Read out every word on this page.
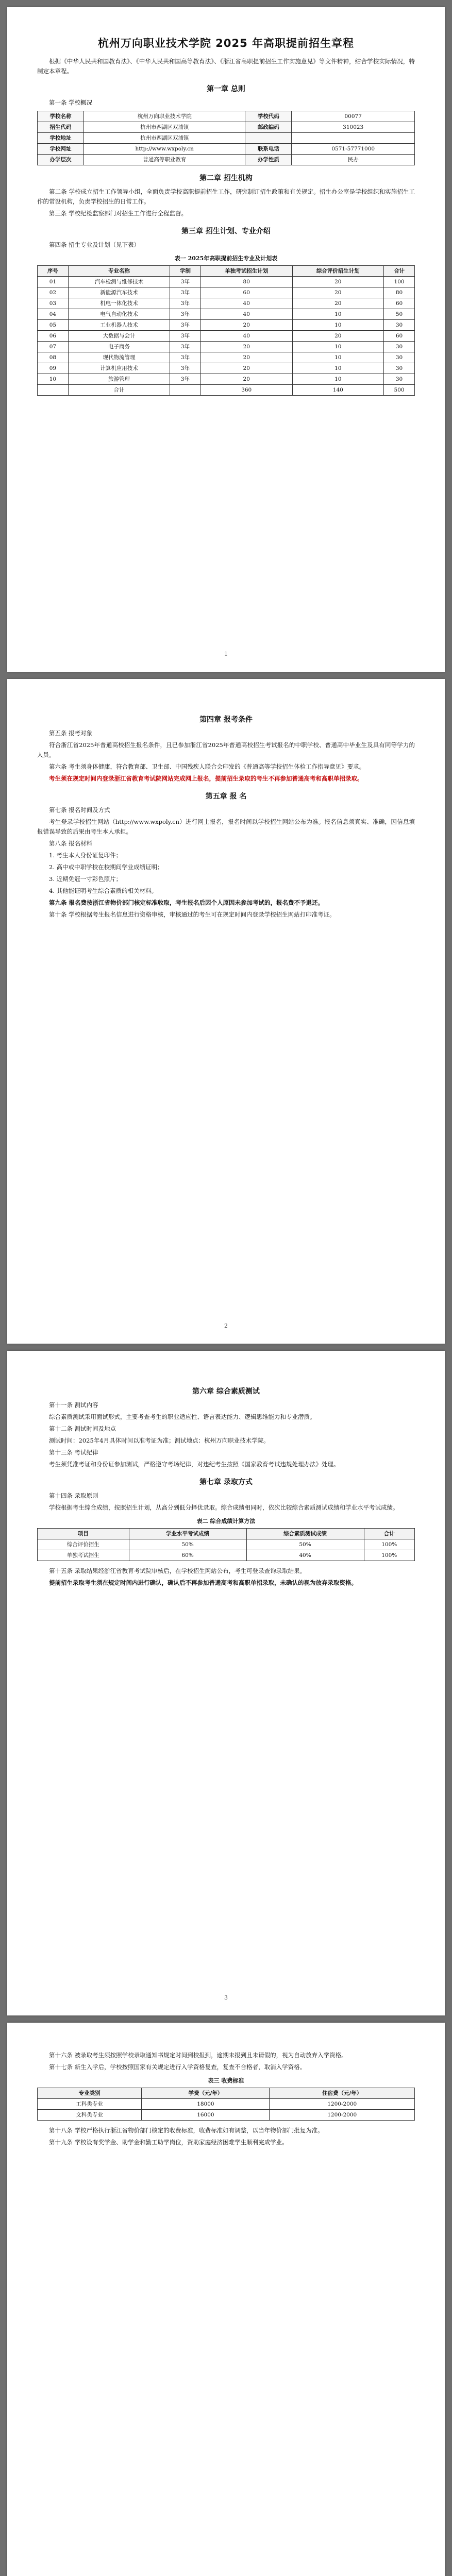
杭州万向职业技术学院 2025 年高职提前招生章程

根据《中华人民共和国教育法》、《中华人民共和国高等教育法》、《浙江省高职提前招生工作实施意见》等文件精神，结合学校实际情况，特制定本章程。

第一章 总则

第一条 学校概况

学校名称	杭州万向职业技术学院	学校代码	00077
招生代码	杭州市西湖区双浦镇	邮政编码	310023
学校地址	杭州市西湖区双浦镇		
学校网址	http://www.wxpoly.cn	联系电话	0571-57771000
办学层次	普通高等职业教育	办学性质	民办
第二章 招生机构

第二条 学校成立招生工作领导小组，全面负责学校高职提前招生工作，研究制订招生政策和有关规定。招生办公室是学校组织和实施招生工作的常设机构，负责学校招生的日常工作。

第三条 学校纪检监察部门对招生工作进行全程监督。

第三章 招生计划、专业介绍

第四条 招生专业及计划（见下表）

表一 2025年高职提前招生专业及计划表
序号	专业名称	学制	单独考试招生计划	综合评价招生计划	合计
01	汽车检测与维修技术	3年	80	20	100
02	新能源汽车技术	3年	60	20	80
03	机电一体化技术	3年	40	20	60
04	电气自动化技术	3年	40	10	50
05	工业机器人技术	3年	20	10	30
06	大数据与会计	3年	40	20	60
07	电子商务	3年	20	10	30
08	现代物流管理	3年	20	10	30
09	计算机应用技术	3年	20	10	30
10	旅游管理	3年	20	10	30
	合计		360	140	500
1
第四章 报考条件

第五条 报考对象

符合浙江省2025年普通高校招生报名条件，且已参加浙江省2025年普通高校招生考试报名的中职学校、普通高中毕业生及具有同等学力的人员。

第六条 考生须身体健康，符合教育部、卫生部、中国残疾人联合会印发的《普通高等学校招生体检工作指导意见》要求。

考生须在规定时间内登录浙江省教育考试院网站完成网上报名，提前招生录取的考生不再参加普通高考和高职单招录取。

第五章 报 名

第七条 报名时间及方式

考生登录学校招生网站（http://www.wxpoly.cn）进行网上报名，报名时间以学校招生网站公布为准。报名信息须真实、准确，因信息填报错误导致的后果由考生本人承担。

第八条 报名材料

1. 考生本人身份证复印件；

2. 高中或中职学校在校期间学业成绩证明；

3. 近期免冠一寸彩色照片；

4. 其他能证明考生综合素质的相关材料。

第九条 报名费按浙江省物价部门核定标准收取，考生报名后因个人原因未参加考试的，报名费不予退还。

第十条 学校根据考生报名信息进行资格审核，审核通过的考生可在规定时间内登录学校招生网站打印准考证。

2
第六章 综合素质测试

第十一条 测试内容

综合素质测试采用面试形式，主要考查考生的职业适应性、语言表达能力、逻辑思维能力和专业潜质。

第十二条 测试时间及地点

测试时间：2025年4月具体时间以准考证为准；测试地点：杭州万向职业技术学院。

第十三条 考试纪律

考生须凭准考证和身份证参加测试，严格遵守考场纪律，对违纪考生按照《国家教育考试违规处理办法》处理。

第七章 录取方式

第十四条 录取原则

学校根据考生综合成绩，按照招生计划，从高分到低分择优录取。综合成绩相同时，依次比较综合素质测试成绩和学业水平考试成绩。

表二 综合成绩计算方法
项目	学业水平考试成绩	综合素质测试成绩	合计
综合评价招生	50%	50%	100%
单独考试招生	60%	40%	100%

第十五条 录取结果经浙江省教育考试院审核后，在学校招生网站公布，考生可登录查询录取结果。

提前招生录取考生须在规定时间内进行确认，确认后不再参加普通高考和高职单招录取，未确认的视为放弃录取资格。

3

第十六条 被录取考生须按照学校录取通知书规定时间到校报到，逾期未报到且未请假的，视为自动放弃入学资格。

第十七条 新生入学后，学校按照国家有关规定进行入学资格复查，复查不合格者，取消入学资格。

表三 收费标准
专业类别	学费（元/年）	住宿费（元/年）
工科类专业	18000	1200-2000
文科类专业	16000	1200-2000

第十八条 学校严格执行浙江省物价部门核定的收费标准，收费标准如有调整，以当年物价部门批复为准。

第十九条 学校设有奖学金、助学金和勤工助学岗位，资助家庭经济困难学生顺利完成学业。
